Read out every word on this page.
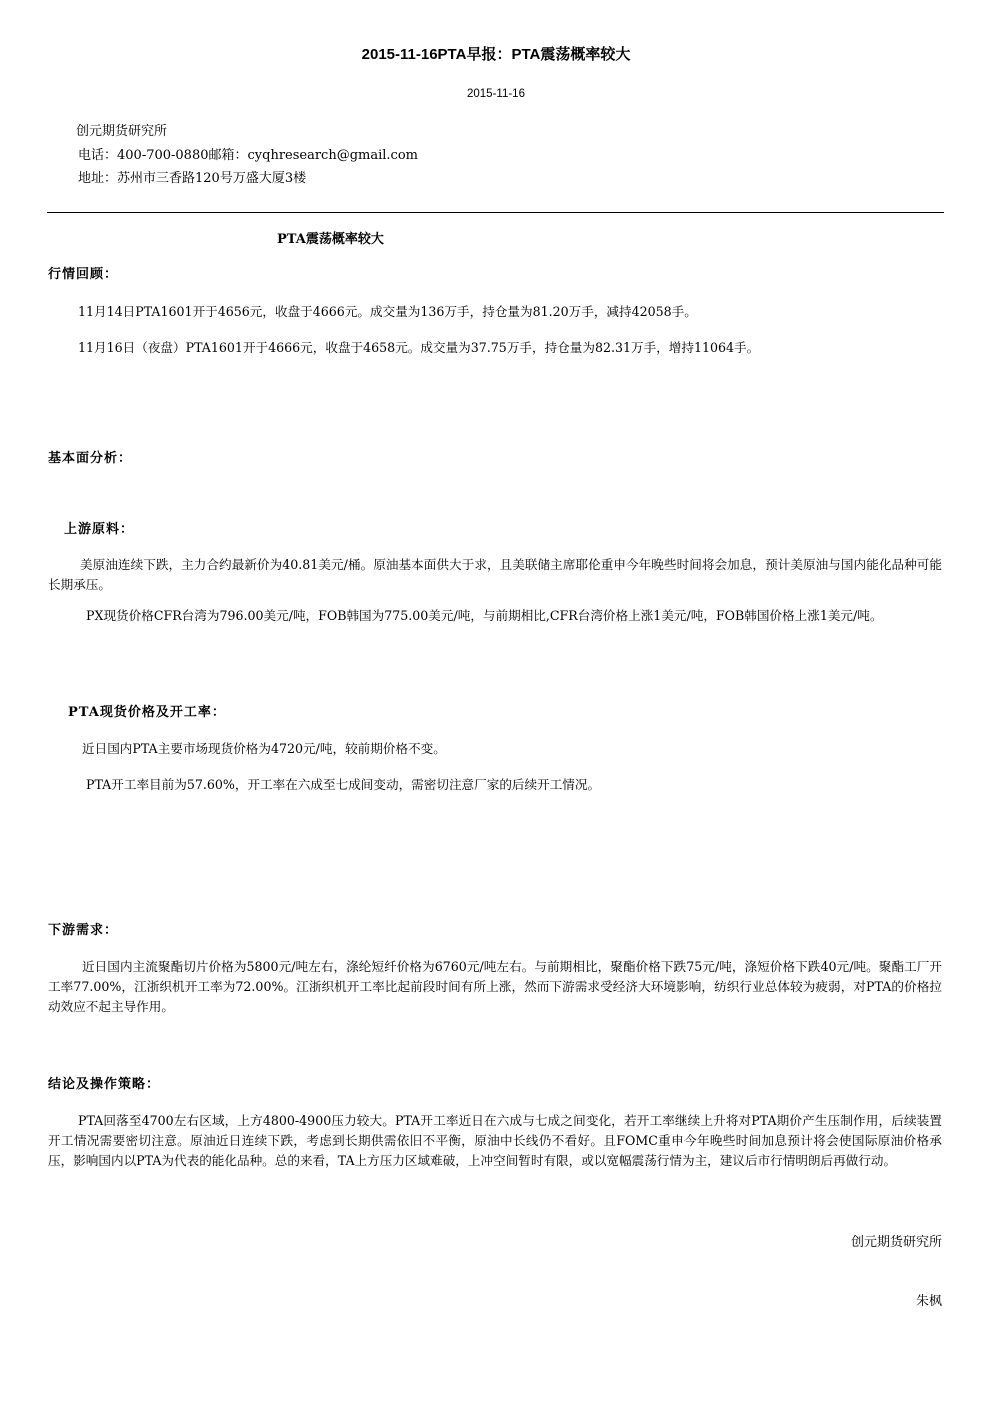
2015-11-16PTA早报：PTA震荡概率较大
2015-11-16
创元期货研究所
电话：400-700-0880邮箱：cyqhresearch@gmail.com
地址：苏州市三香路120号万盛大厦3楼
PTA震荡概率较大
行情回顾：
11月14日PTA1601开于4656元，收盘于4666元。成交量为136万手，持仓量为81.20万手，减持42058手。
11月16日（夜盘）PTA1601开于4666元，收盘于4658元。成交量为37.75万手，持仓量为82.31万手，增持11064手。
基本面分析：
上游原料：

美原油连续下跌，主力合约最新价为40.81美元/桶。原油基本面供大于求，且美联储主席耶伦重申今年晚些时间将会加息，预计美原油与国内能化品种可能长期承压。

PX现货价格CFR台湾为796.00美元/吨，FOB韩国为775.00美元/吨，与前期相比,CFR台湾价格上涨1美元/吨，FOB韩国价格上涨1美元/吨。

PTA现货价格及开工率：
近日国内PTA主要市场现货价格为4720元/吨，较前期价格不变。
PTA开工率目前为57.60%，开工率在六成至七成间变动，需密切注意厂家的后续开工情况。
下游需求：

近日国内主流聚酯切片价格为5800元/吨左右，涤纶短纤价格为6760元/吨左右。与前期相比，聚酯价格下跌75元/吨，涤短价格下跌40元/吨。聚酯工厂开工率77.00%，江浙织机开工率为72.00%。江浙织机开工率比起前段时间有所上涨，然而下游需求受经济大环境影响，纺织行业总体较为疲弱，对PTA的价格拉动效应不起主导作用。

结论及操作策略：

PTA回落至4700左右区域，上方4800-4900压力较大。PTA开工率近日在六成与七成之间变化，若开工率继续上升将对PTA期价产生压制作用，后续装置开工情况需要密切注意。原油近日连续下跌，考虑到长期供需依旧不平衡，原油中长线仍不看好。且FOMC重申今年晚些时间加息预计将会使国际原油价格承压，影响国内以PTA为代表的能化品种。总的来看，TA上方压力区域难破，上冲空间暂时有限，或以宽幅震荡行情为主，建议后市行情明朗后再做行动。

创元期货研究所
朱枫
